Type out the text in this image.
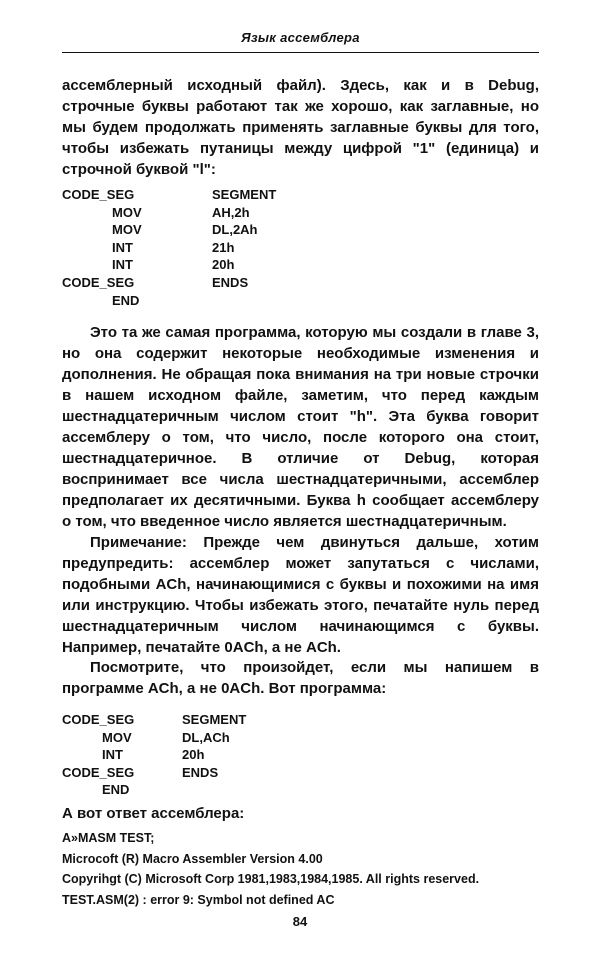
Язык ассемблера

ассемблерный исходный файл). Здесь, как и в Debug, строчные буквы работают так же хорошо, как заглавные, но мы будем продолжать применять заглавные буквы для того, чтобы избежать путаницы между цифрой "1" (единица) и строчной буквой "l":

CODE_SEG	SEGMENT
MOV	AH,2h
MOV	DL,2Ah
INT	21h
INT	20h
CODE_SEG	ENDS
END

Это та же самая программа, которую мы создали в главе 3, но она содержит некоторые необходимые изменения и дополнения. Не обращая пока внимания на три новые строчки в нашем исходном файле, заметим, что перед каждым шестнадцатеричным числом стоит "h". Эта буква говорит ассемблеру о том, что число, после которого она стоит, шестнадцатеричное. В отличие от Debug, которая воспринимает все числа шестнадцатеричными, ассемблер предполагает их десятичными. Буква h сообщает ассемблеру о том, что введенное число является шестнадцатеричным.

Примечание: Прежде чем двинуться дальше, хотим предупредить: ассемблер может запутаться с числами, подобными ACh, начинающимися с буквы и похожими на имя или инструкцию. Чтобы избежать этого, печатайте нуль перед шестнадцатеричным числом начинающимся с буквы. Например, печатайте 0ACh, а не ACh.

Посмотрите, что произойдет, если мы напишем в программе ACh, а не 0ACh. Вот программа:

CODE_SEG	SEGMENT
MOV	DL,ACh
INT	20h
CODE_SEG	ENDS
END
А вот ответ ассемблера:
A»MASM TEST;
Microcoft (R) Macro Assembler Version 4.00
Copyrihgt (C) Microsoft Corp 1981,1983,1984,1985. All rights reserved.
TEST.ASM(2) : error 9: Symbol not defined AC
84
